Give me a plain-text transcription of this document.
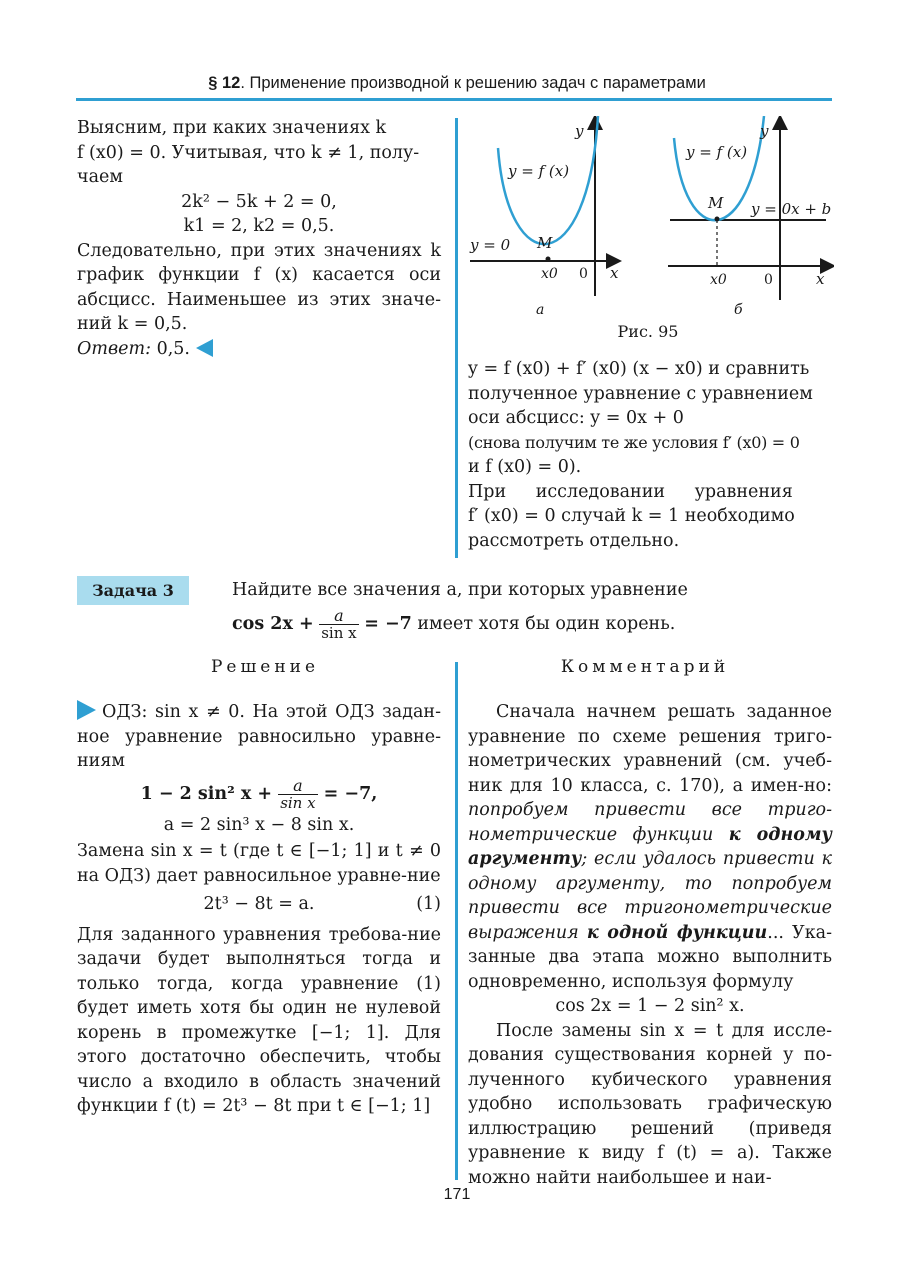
§ 12. Применение производной к решению задач с параметрами

Выясним, при каких значениях k

f (x0) = 0. Учитывая, что k ≠ 1, полу-

чаем

2k² − 5k + 2 = 0,

k1 = 2, k2 = 0,5.

Следовательно, при этих значениях k график функции f (x) касается оси абсцисс. Наименьшее из этих значе-ний k = 0,5.

Ответ: 0,5.

y = f (x)
y = 0 M
x0 0 x
y
a
y = f (x)
y = 0x + b
M
x0	0	x
y
б
Рис. 95

y = f (x0) + f′ (x0) (x − x0) и сравнить

полученное уравнение с уравнением

оси абсцисс: y = 0x + 0

(снова получим те же условия f′ (x0) = 0

и f (x0) = 0).

При исследовании уравнения

f′ (x0) = 0 случай k = 1 необходимо

рассмотреть отдельно.

Задача 3	Найдите все значения a, при которых уравнение
$\cos 2x + \frac{a}{\text{sin x}} = -7$ имеет хотя бы один корень.
Решение	Комментарий

ОДЗ: sin x ≠ 0. На этой ОДЗ задан-ное уравнение равносильно уравне-ниям

1 − 2 sin² $x + \frac{a}{\text{sin x}} = -7$,

a = 2 sin³ x − 8 sin x.

Замена sin x = t (где t ∈ [−1; 1] и t ≠ 0 на ОДЗ) дает равносильное уравне-ние

2t³ − 8t = a.	(1)

Для заданного уравнения требова-ние задачи будет выполняться тогда и только тогда, когда уравнение (1) будет иметь хотя бы один не нулевой корень в промежутке [−1; 1]. Для этого достаточно обеспечить, чтобы число a входило в область значений функции f (t) = 2t³ − 8t при t ∈ [−1; 1]

Сначала начнем решать заданное уравнение по схеме решения триго-нометрических уравнений (см. учеб-ник для 10 класса, с. 170), а имен-но: попробуем привести все триго-нометрические функции к одному аргументу; если удалось привести к одному аргументу, то попробуем привести все тригонометрические выражения к одной функции... Ука-занные два этапа можно выполнить одновременно, используя формулу

cos 2x = 1 − 2 sin² x.

После замены sin x = t для иссле-дования существования корней у по-лученного кубического уравнения удобно использовать графическую иллюстрацию решений (приведя уравнение к виду f (t) = a). Также можно найти наибольшее и наи-

171
